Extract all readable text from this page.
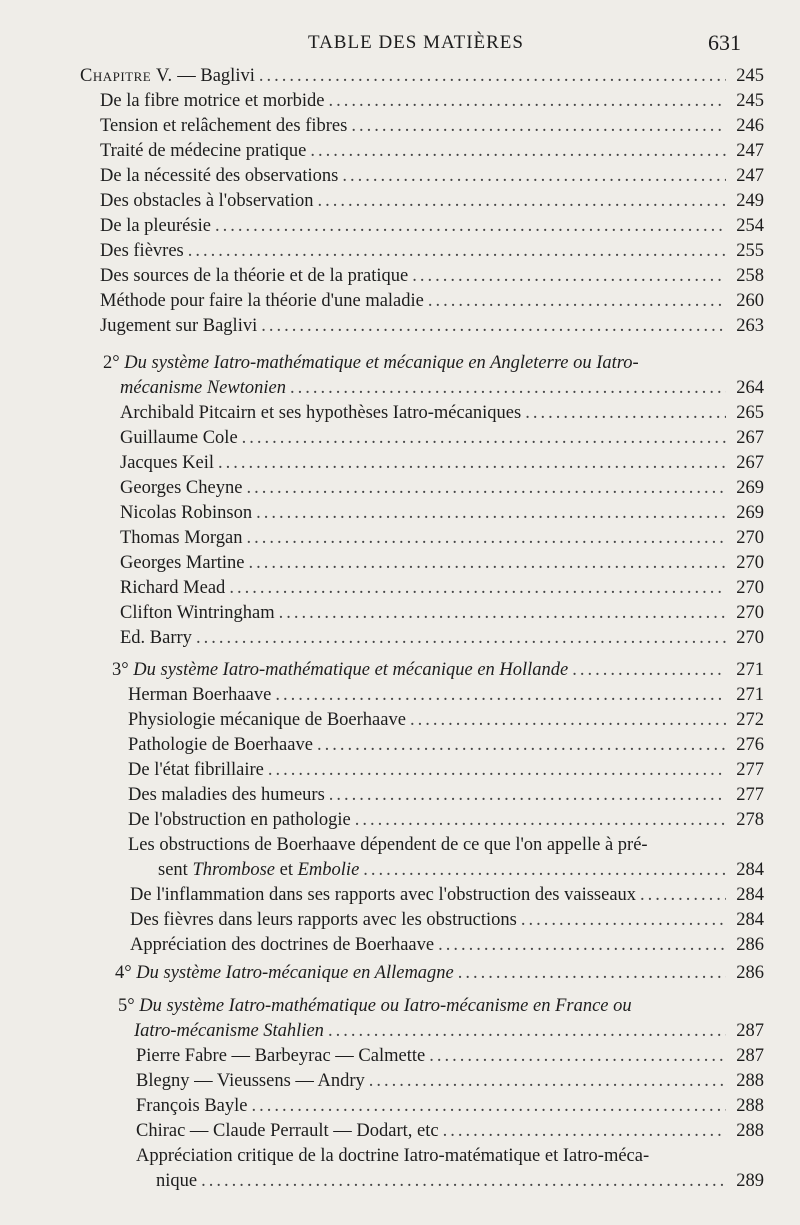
TABLE DES MATIÈRES	631
Chapitre V. — Baglivi .....	245
De la fibre motrice et morbide .....	245
Tension et relâchement des fibres .....	246
Traité de médecine pratique .....	247
De la nécessité des observations .....	247
Des obstacles à l'observation .....	249
De la pleurésie .....	254
Des fièvres .....	255
Des sources de la théorie et de la pratique .....	258
Méthode pour faire la théorie d'une maladie .....	260
Jugement sur Baglivi .....	263
2° Du système Iatro-mathématique et mécanique en Angleterre ou Iatro-
mécanisme Newtonien .....	264
Archibald Pitcairn et ses hypothèses Iatro-mécaniques .....	265
Guillaume Cole .....	267
Jacques Keil .....	267
Georges Cheyne .....	269
Nicolas Robinson .....	269
Thomas Morgan .....	270
Georges Martine .....	270
Richard Mead .....	270
Clifton Wintringham .....	270
Ed. Barry .....	270
3° Du système Iatro-mathématique et mécanique en Hollande .....	271
Herman Boerhaave .....	271
Physiologie mécanique de Boerhaave .....	272
Pathologie de Boerhaave .....	276
De l'état fibrillaire .....	277
Des maladies des humeurs .....	277
De l'obstruction en pathologie .....	278
Les obstructions de Boerhaave dépendent de ce que l'on appelle à pré-
sent Thrombose et Embolie .....	284
De l'inflammation dans ses rapports avec l'obstruction des vaisseaux .....	284
Des fièvres dans leurs rapports avec les obstructions .....	284
Appréciation des doctrines de Boerhaave .....	286
4° Du système Iatro-mécanique en Allemagne .....	286
5° Du système Iatro-mathématique ou Iatro-mécanisme en France ou
Iatro-mécanisme Stahlien .....	287
Pierre Fabre — Barbeyrac — Calmette .....	287
Blegny — Vieussens — Andry .....	288
François Bayle .....	288
Chirac — Claude Perrault — Dodart, etc .....	288
Appréciation critique de la doctrine Iatro-matématique et Iatro-méca-
nique .....	289
